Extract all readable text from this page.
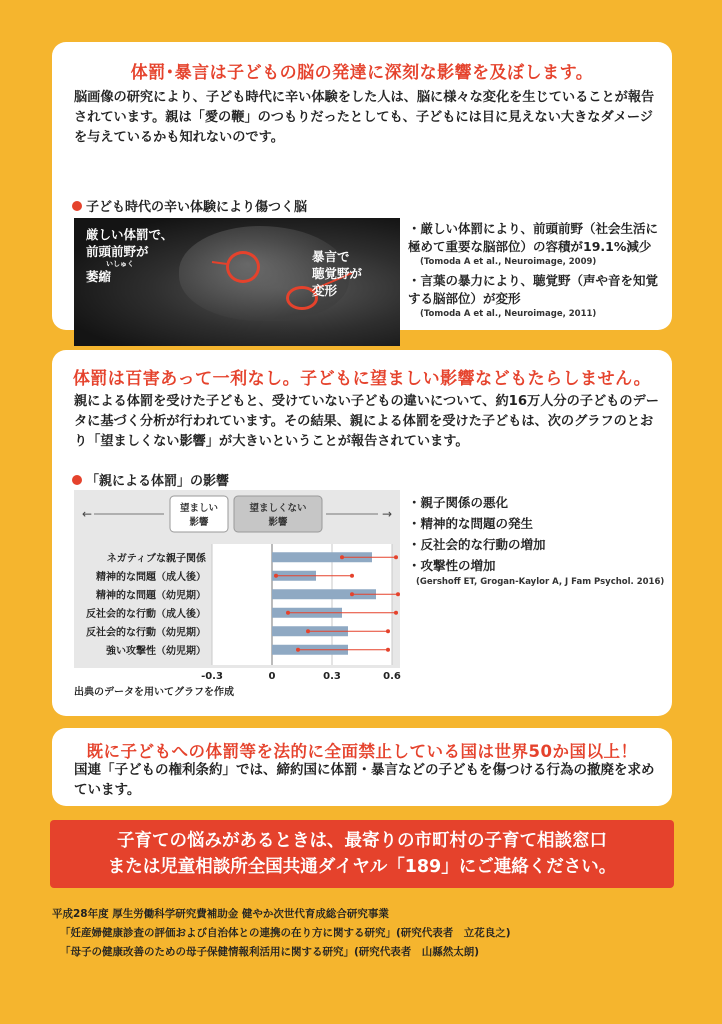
体罰･暴言は子どもの脳の発達に深刻な影響を及ぼします。
脳画像の研究により、子ども時代に辛い体験をした人は、脳に様々な変化を生じていることが報告されています。親は「愛の鞭」のつもりだったとしても、子どもには目に見えない大きなダメージを与えているかも知れないのです。
子ども時代の辛い体験により傷つく脳
厳しい体罰で、
前頭前野が
いしゅく
萎縮
暴言で
聴覚野が
変形
・厳しい体罰により、前頭前野（社会生活に極めて重要な脳部位）の容積が19.1%減少
(Tomoda A et al., Neuroimage, 2009)
・言葉の暴力により、聴覚野（声や音を知覚する脳部位）が変形
(Tomoda A et al., Neuroimage, 2011)
体罰は百害あって一利なし。子どもに望ましい影響などもたらしません。
親による体罰を受けた子どもと、受けていない子どもの違いについて、約16万人分の子どものデータに基づく分析が行われています。その結果、親による体罰を受けた子どもは、次のグラフのとおり「望ましくない影響」が大きいということが報告されています。
「親による体罰」の影響
←	→
望ましい
影響
望ましくない
影響
ネガティブな親子関係
精神的な問題（成人後）
精神的な問題（幼児期）
反社会的な行動（成人後）
反社会的な行動（幼児期）
強い攻撃性（幼児期）
-0.3	0	0.3	0.6
出典のデータを用いてグラフを作成
・親子関係の悪化
・精神的な問題の発生
・反社会的な行動の増加
・攻撃性の増加
(Gershoff ET, Grogan-Kaylor A, J Fam Psychol. 2016)
既に子どもへの体罰等を法的に全面禁止している国は世界50か国以上！
国連「子どもの権利条約」では、締約国に体罰・暴言などの子どもを傷つける行為の撤廃を求めています。
子育ての悩みがあるときは、最寄りの市町村の子育て相談窓口
または児童相談所全国共通ダイヤル「189」にご連絡ください。
平成28年度 厚生労働科学研究費補助金 健やか次世代育成総合研究事業
「妊産婦健康診査の評価および自治体との連携の在り方に関する研究」(研究代表者　立花良之)
「母子の健康改善のための母子保健情報利活用に関する研究」(研究代表者　山縣然太朗)
